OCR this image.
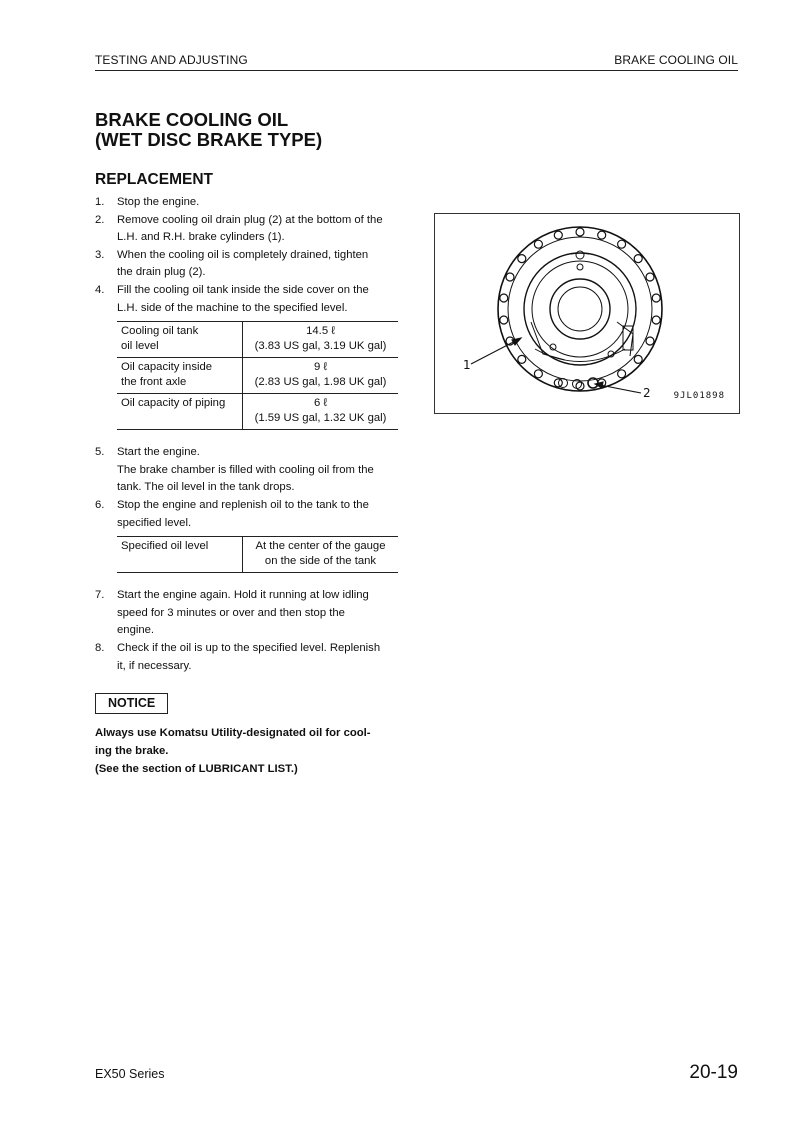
TESTING AND ADJUSTING	BRAKE COOLING OIL
BRAKE COOLING OIL
(WET DISC BRAKE TYPE)
REPLACEMENT
1. Stop the engine.
2. Remove cooling oil drain plug (2) at the bottom of the
L.H. and R.H. brake cylinders (1).
3. When the cooling oil is completely drained, tighten
the drain plug (2).
4. Fill the cooling oil tank inside the side cover on the
L.H. side of the machine to the specified level.
Cooling oil tank
oil level	14.5 ℓ
(3.83 US gal, 3.19 UK gal)

Oil capacity inside
the front axle	9 ℓ
(2.83 US gal, 1.98 UK gal)

Oil capacity of piping	6 ℓ
(1.59 US gal, 1.32 UK gal)
5. Start the engine.
The brake chamber is filled with cooling oil from the
tank. The oil level in the tank drops.
6. Stop the engine and replenish oil to the tank to the
specified level.
Specified oil level	At the center of the gauge
on the side of the tank
7. Start the engine again. Hold it running at low idling
speed for 3 minutes or over and then stop the
engine.
8. Check if the oil is up to the specified level. Replenish
it, if necessary.
NOTICE
Always use Komatsu Utility-designated oil for cool-
ing the brake.
(See the section of LUBRICANT LIST.)
1
2	9JL01898
EX50 Series	20-19
